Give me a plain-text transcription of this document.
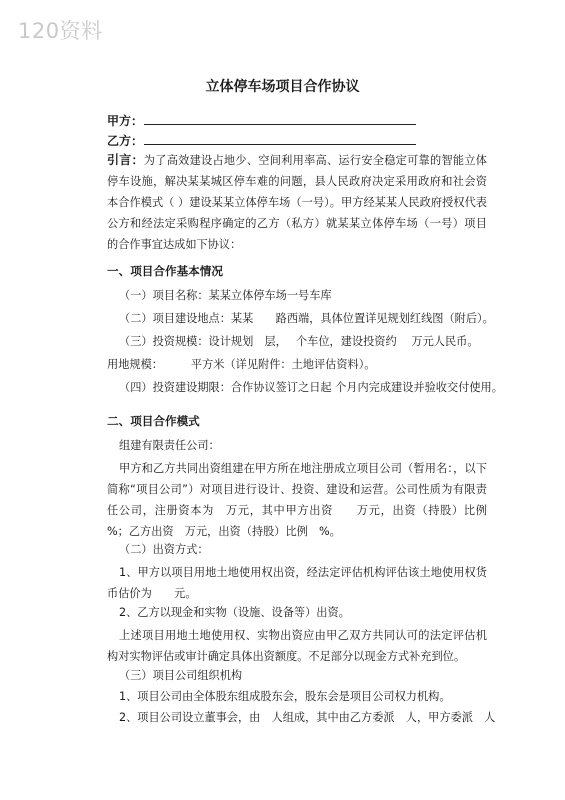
120资料
立体停车场项目合作协议
甲方：
乙方：
引言：为了高效建设占地少、空间利用率高、运行安全稳定可靠的智能立体停车设施，解决某某城区停车难的问题，县人民政府决定采用政府和社会资本合作模式（ ）建设某某立体停车场（一号）。甲方经某某人民政府授权代表公方和经法定采购程序确定的乙方（私方）就某某立体停车场（一号）项目的合作事宜达成如下协议：
一、项目合作基本情况
（一）项目名称：某某立体停车场一号车库
（二）项目建设地点：某某　　路西端，具体位置详见规划红线图（附后）。
（三）投资规模：设计规划　层，　 个车位，建设投资约　 万元人民币。
用地规模：　　　平方米（详见附件：土地评估资料）。
（四）投资建设期限：合作协议签订之日起 个月内完成建设并验收交付使用。
二、项目合作模式
组建有限责任公司：
甲方和乙方共同出资组建在甲方所在地注册成立项目公司（暂用名：，以下简称“项目公司”）对项目进行设计、投资、建设和运营。公司性质为有限责任公司，注册资本为　万元，其中甲方出资　　万元，出资（持股）比例　%；乙方出资　万元，出资（持股）比例　%。
（二）出资方式：
1、甲方以项目用地土地使用权出资，经法定评估机构评估该土地使用权货币估价为　　元。
2、乙方以现金和实物（设施、设备等）出资。
上述项目用地土地使用权、实物出资应由甲乙双方共同认可的法定评估机构对实物评估或审计确定具体出资额度。不足部分以现金方式补充到位。
（三）项目公司组织机构
1、项目公司由全体股东组成股东会，股东会是项目公司权力机构。
2、项目公司设立董事会，由　人组成，其中由乙方委派　人，甲方委派　人
